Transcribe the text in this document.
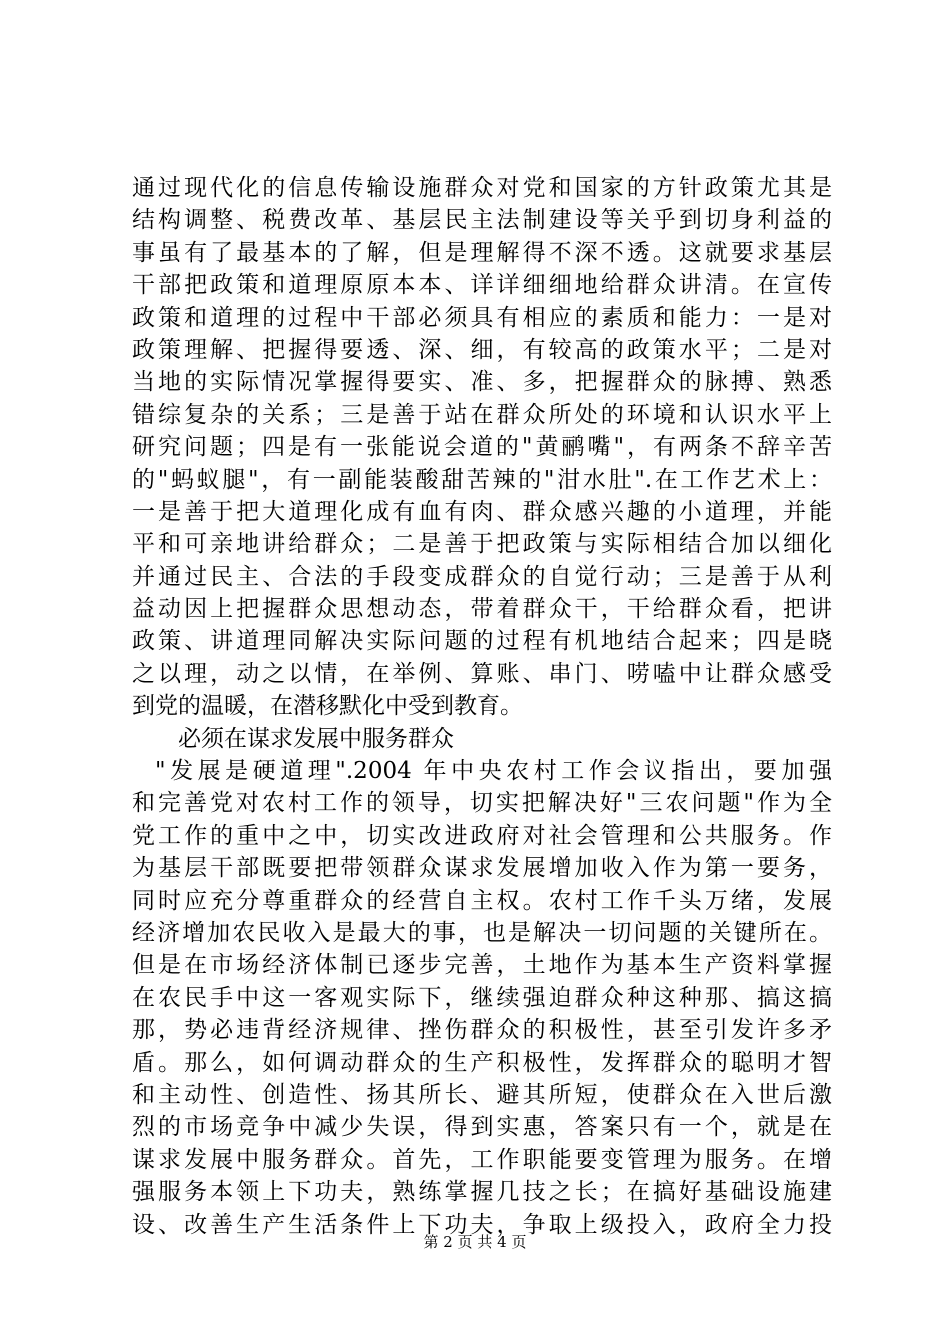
通过现代化的信息传输设施群众对党和国家的方针政策尤其是
结构调整、税费改革、基层民主法制建设等关乎到切身利益的
事虽有了最基本的了解，但是理解得不深不透。这就要求基层
干部把政策和道理原原本本、详详细细地给群众讲清。在宣传
政策和道理的过程中干部必须具有相应的素质和能力：一是对
政策理解、把握得要透、深、细，有较高的政策水平；二是对
当地的实际情况掌握得要实、准、多，把握群众的脉搏、熟悉
错综复杂的关系；三是善于站在群众所处的环境和认识水平上
研究问题；四是有一张能说会道的"黄鹂嘴"，有两条不辞辛苦
的"蚂蚁腿"，有一副能装酸甜苦辣的"泔水肚".在工作艺术上：
一是善于把大道理化成有血有肉、群众感兴趣的小道理，并能
平和可亲地讲给群众；二是善于把政策与实际相结合加以细化
并通过民主、合法的手段变成群众的自觉行动；三是善于从利
益动因上把握群众思想动态，带着群众干，干给群众看，把讲
政策、讲道理同解决实际问题的过程有机地结合起来；四是晓
之以理，动之以情，在举例、算账、串门、唠嗑中让群众感受
到党的温暖，在潜移默化中受到教育。
必须在谋求发展中服务群众
"发展是硬道理".2004 年中央农村工作会议指出，要加强
和完善党对农村工作的领导，切实把解决好"三农问题"作为全
党工作的重中之中，切实改进政府对社会管理和公共服务。作
为基层干部既要把带领群众谋求发展增加收入作为第一要务，
同时应充分尊重群众的经营自主权。农村工作千头万绪，发展
经济增加农民收入是最大的事，也是解决一切问题的关键所在。
但是在市场经济体制已逐步完善，土地作为基本生产资料掌握
在农民手中这一客观实际下，继续强迫群众种这种那、搞这搞
那，势必违背经济规律、挫伤群众的积极性，甚至引发许多矛
盾。那么，如何调动群众的生产积极性，发挥群众的聪明才智
和主动性、创造性、扬其所长、避其所短，使群众在入世后激
烈的市场竞争中减少失误，得到实惠，答案只有一个，就是在
谋求发展中服务群众。首先，工作职能要变管理为服务。在增
强服务本领上下功夫，熟练掌握几技之长；在搞好基础设施建
设、改善生产生活条件上下功夫，争取上级投入，政府全力投
第 2 页 共 4 页
